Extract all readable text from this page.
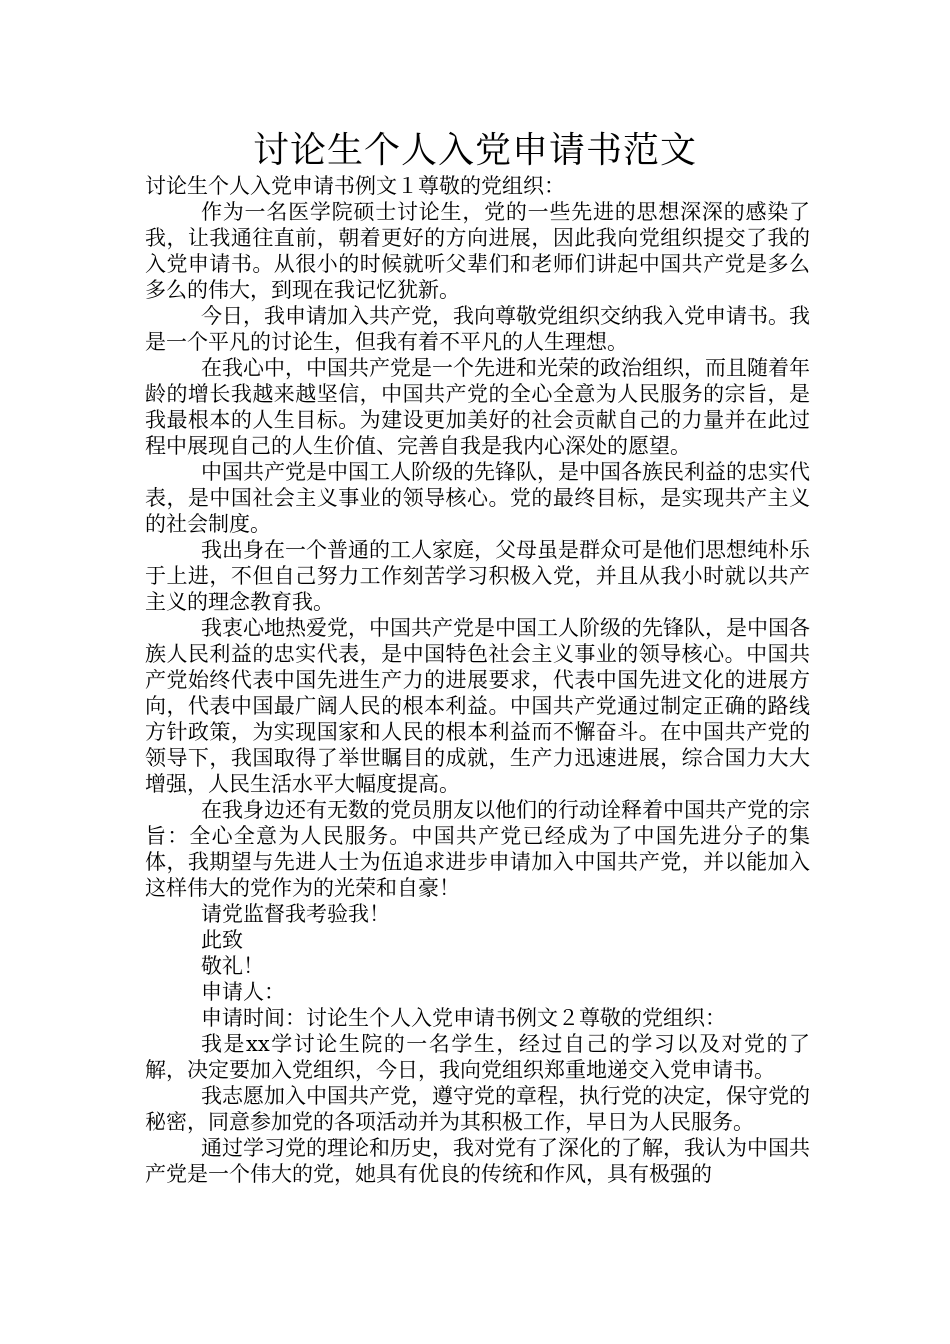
讨论生个人入党申请书范文

讨论生个人入党申请书例文１尊敬的党组织：

作为一名医学院硕士讨论生，党的一些先进的思想深深的感染了我，让我通往直前，朝着更好的方向进展，因此我向党组织提交了我的入党申请书。从很小的时候就听父辈们和老师们讲起中国共产党是多么多么的伟大，到现在我记忆犹新。

今日，我申请加入共产党，我向尊敬党组织交纳我入党申请书。我是一个平凡的讨论生，但我有着不平凡的人生理想。

在我心中，中国共产党是一个先进和光荣的政治组织，而且随着年龄的增长我越来越坚信，中国共产党的全心全意为人民服务的宗旨，是我最根本的人生目标。为建设更加美好的社会贡献自己的力量并在此过程中展现自己的人生价值、完善自我是我内心深处的愿望。

中国共产党是中国工人阶级的先锋队，是中国各族民利益的忠实代表，是中国社会主义事业的领导核心。党的最终目标，是实现共产主义的社会制度。

我出身在一个普通的工人家庭，父母虽是群众可是他们思想纯朴乐于上进，不但自己努力工作刻苦学习积极入党，并且从我小时就以共产主义的理念教育我。

我衷心地热爱党，中国共产党是中国工人阶级的先锋队，是中国各族人民利益的忠实代表，是中国特色社会主义事业的领导核心。中国共产党始终代表中国先进生产力的进展要求，代表中国先进文化的进展方向，代表中国最广阔人民的根本利益。中国共产党通过制定正确的路线方针政策，为实现国家和人民的根本利益而不懈奋斗。在中国共产党的领导下，我国取得了举世瞩目的成就，生产力迅速进展，综合国力大大增强，人民生活水平大幅度提高。

在我身边还有无数的党员朋友以他们的行动诠释着中国共产党的宗旨：全心全意为人民服务。中国共产党已经成为了中国先进分子的集体，我期望与先进人士为伍追求进步申请加入中国共产党，并以能加入这样伟大的党作为的光荣和自豪！

请党监督我考验我！

此致

敬礼！

申请人：

申请时间：讨论生个人入党申请书例文２尊敬的党组织：

我是xx学讨论生院的一名学生，经过自己的学习以及对党的了解，决定要加入党组织，今日，我向党组织郑重地递交入党申请书。

我志愿加入中国共产党，遵守党的章程，执行党的决定，保守党的秘密，同意参加党的各项活动并为其积极工作，早日为人民服务。

通过学习党的理论和历史，我对党有了深化的了解，我认为中国共产党是一个伟大的党，她具有优良的传统和作风，具有极强的
